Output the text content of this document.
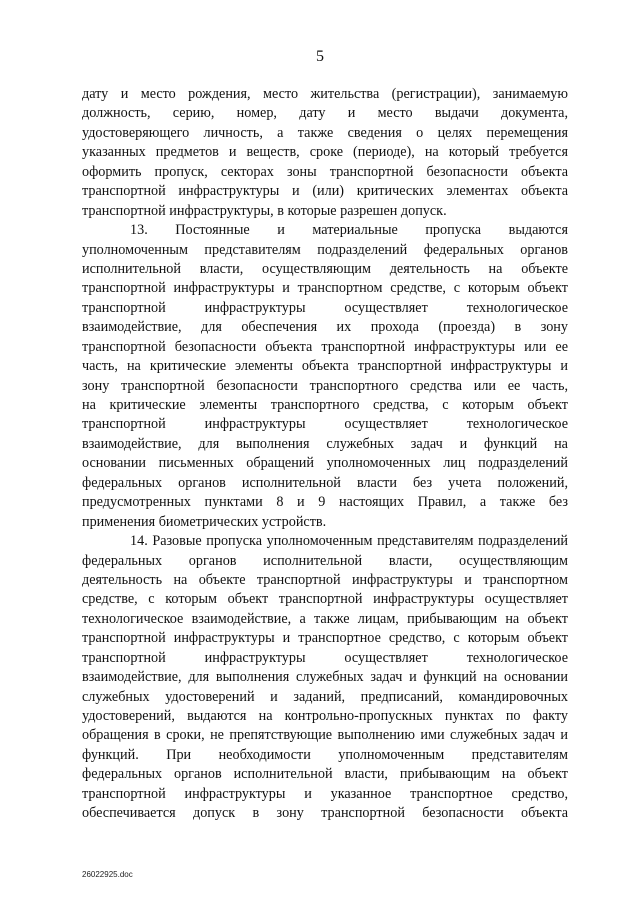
5
дату и место рождения, место жительства (регистрации), занимаемую
должность, серию, номер, дату и место выдачи документа,
удостоверяющего личность, а также сведения о целях перемещения
указанных предметов и веществ, сроке (периоде), на который требуется
оформить пропуск, секторах зоны транспортной безопасности объекта
транспортной инфраструктуры и (или) критических элементах объекта
транспортной инфраструктуры, в которые разрешен допуск.
13. Постоянные и материальные пропуска выдаются
уполномоченным представителям подразделений федеральных органов
исполнительной власти, осуществляющим деятельность на объекте
транспортной инфраструктуры и транспортном средстве, с которым объект
транспортной инфраструктуры осуществляет технологическое
взаимодействие, для обеспечения их прохода (проезда) в зону
транспортной безопасности объекта транспортной инфраструктуры или ее
часть, на критические элементы объекта транспортной инфраструктуры и
зону транспортной безопасности транспортного средства или ее часть,
на критические элементы транспортного средства, с которым объект
транспортной инфраструктуры осуществляет технологическое
взаимодействие, для выполнения служебных задач и функций на
основании письменных обращений уполномоченных лиц подразделений
федеральных органов исполнительной власти без учета положений,
предусмотренных пунктами 8 и 9 настоящих Правил, а также без
применения биометрических устройств.
14. Разовые пропуска уполномоченным представителям подразделений
федеральных органов исполнительной власти, осуществляющим
деятельность на объекте транспортной инфраструктуры и транспортном
средстве, с которым объект транспортной инфраструктуры осуществляет
технологическое взаимодействие, а также лицам, прибывающим на объект
транспортной инфраструктуры и транспортное средство, с которым объект
транспортной инфраструктуры осуществляет технологическое
взаимодействие, для выполнения служебных задач и функций на основании
служебных удостоверений и заданий, предписаний, командировочных
удостоверений, выдаются на контрольно-пропускных пунктах по факту
обращения в сроки, не препятствующие выполнению ими служебных задач и
функций. При необходимости уполномоченным представителям
федеральных органов исполнительной власти, прибывающим на объект
транспортной инфраструктуры и указанное транспортное средство,
обеспечивается допуск в зону транспортной безопасности объекта
26022925.doc
